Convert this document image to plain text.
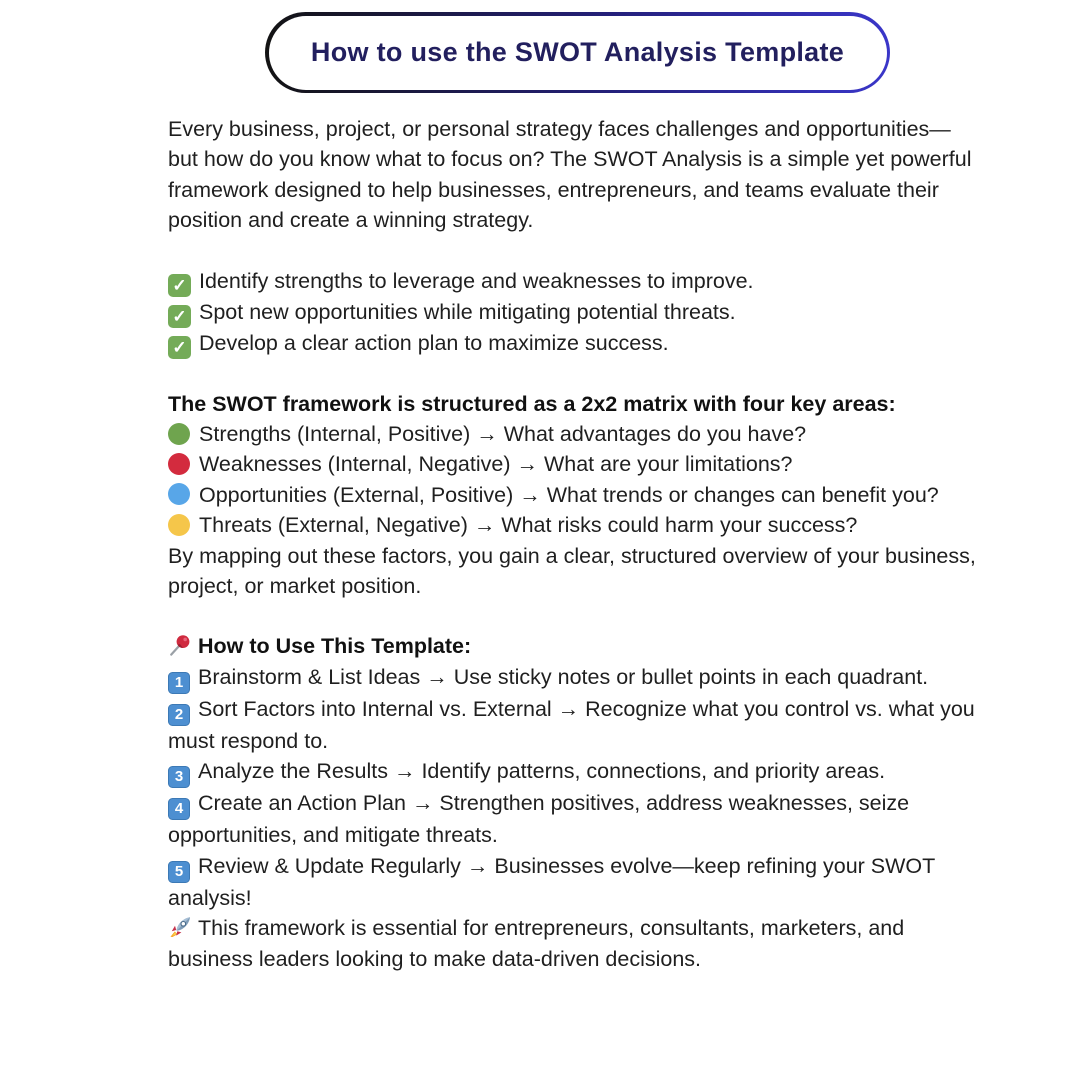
How to use the SWOT Analysis Template

Every business, project, or personal strategy faces challenges and opportunities—but how do you know what to focus on? The SWOT Analysis is a simple yet powerful framework designed to help businesses, entrepreneurs, and teams evaluate their position and create a winning strategy.

✓ Identify strengths to leverage and weaknesses to improve.

✓ Spot new opportunities while mitigating potential threats.

✓ Develop a clear action plan to maximize success.

The SWOT framework is structured as a 2x2 matrix with four key areas:

Strengths (Internal, Positive) → What advantages do you have?

Weaknesses (Internal, Negative) → What are your limitations?

Opportunities (External, Positive) → What trends or changes can benefit you?

Threats (External, Negative) → What risks could harm your success?

By mapping out these factors, you gain a clear, structured overview of your business, project, or market position.

How to Use This Template:

1 Brainstorm & List Ideas → Use sticky notes or bullet points in each quadrant.

2 Sort Factors into Internal vs. External → Recognize what you control vs. what you must respond to.

3 Analyze the Results → Identify patterns, connections, and priority areas.

4 Create an Action Plan → Strengthen positives, address weaknesses, seize opportunities, and mitigate threats.

5 Review & Update Regularly → Businesses evolve—keep refining your SWOT analysis!

This framework is essential for entrepreneurs, consultants, marketers, and business leaders looking to make data-driven decisions.
